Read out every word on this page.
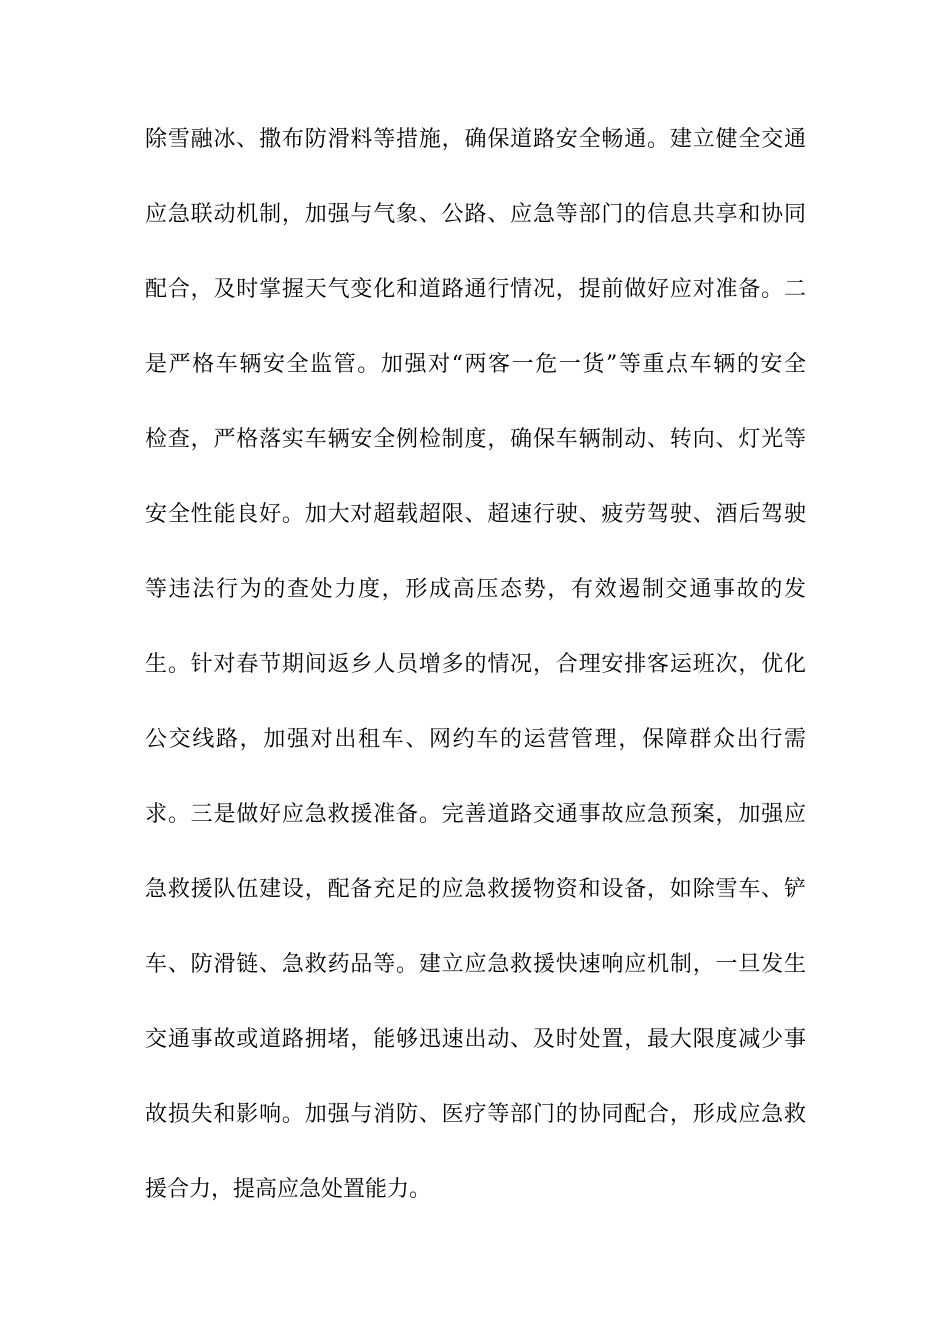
除雪融冰、撒布防滑料等措施，确保道路安全畅通。建立健全交通
应急联动机制，加强与气象、公路、应急等部门的信息共享和协同
配合，及时掌握天气变化和道路通行情况，提前做好应对准备。二
是严格车辆安全监管。加强对“两客一危一货”等重点车辆的安全
检查，严格落实车辆安全例检制度，确保车辆制动、转向、灯光等
安全性能良好。加大对超载超限、超速行驶、疲劳驾驶、酒后驾驶
等违法行为的查处力度，形成高压态势，有效遏制交通事故的发
生。针对春节期间返乡人员增多的情况，合理安排客运班次，优化
公交线路，加强对出租车、网约车的运营管理，保障群众出行需
求。三是做好应急救援准备。完善道路交通事故应急预案，加强应
急救援队伍建设，配备充足的应急救援物资和设备，如除雪车、铲
车、防滑链、急救药品等。建立应急救援快速响应机制，一旦发生
交通事故或道路拥堵，能够迅速出动、及时处置，最大限度减少事
故损失和影响。加强与消防、医疗等部门的协同配合，形成应急救
援合力，提高应急处置能力。
